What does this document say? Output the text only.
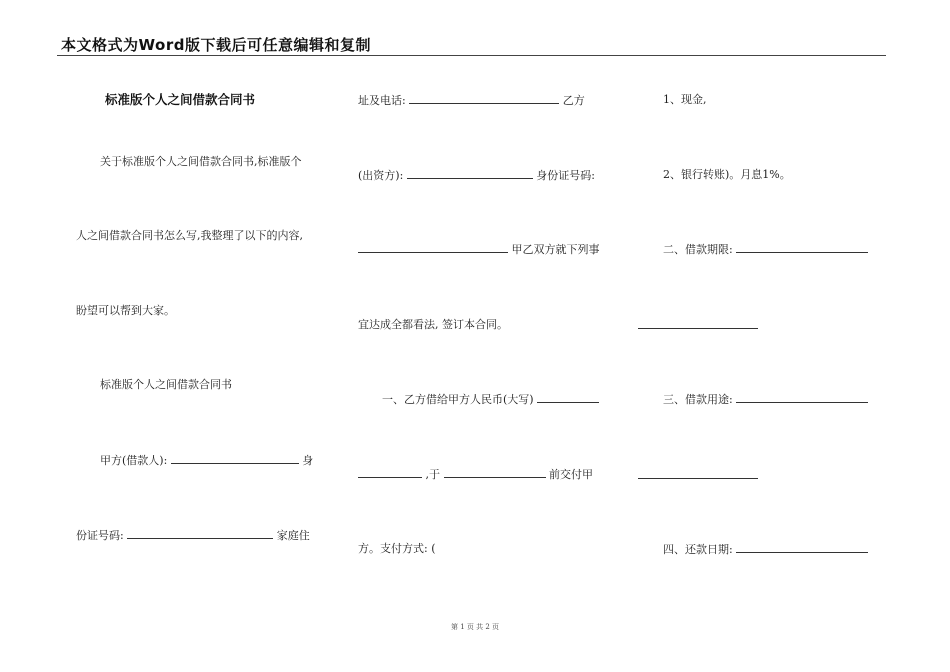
本文格式为Word版下载后可任意编辑和复制
标准版个人之间借款合同书
关于标准版个人之间借款合同书,标准版个
人之间借款合同书怎么写,我整理了以下的内容,
盼望可以帮到大家。
标准版个人之间借款合同书
甲方(借款人):	身
份证号码:	家庭住
址及电话:	乙方
(出资方):	身份证号码:
甲乙双方就下列事
宜达成全都看法, 签订本合同。
一、乙方借给甲方人民币(大写)
,于	前交付甲
方。支付方式: (
1、现金,
2、银行转账)。月息1%。
二、借款期限:
三、借款用途:
四、还款日期:
第 1 页 共 2 页
